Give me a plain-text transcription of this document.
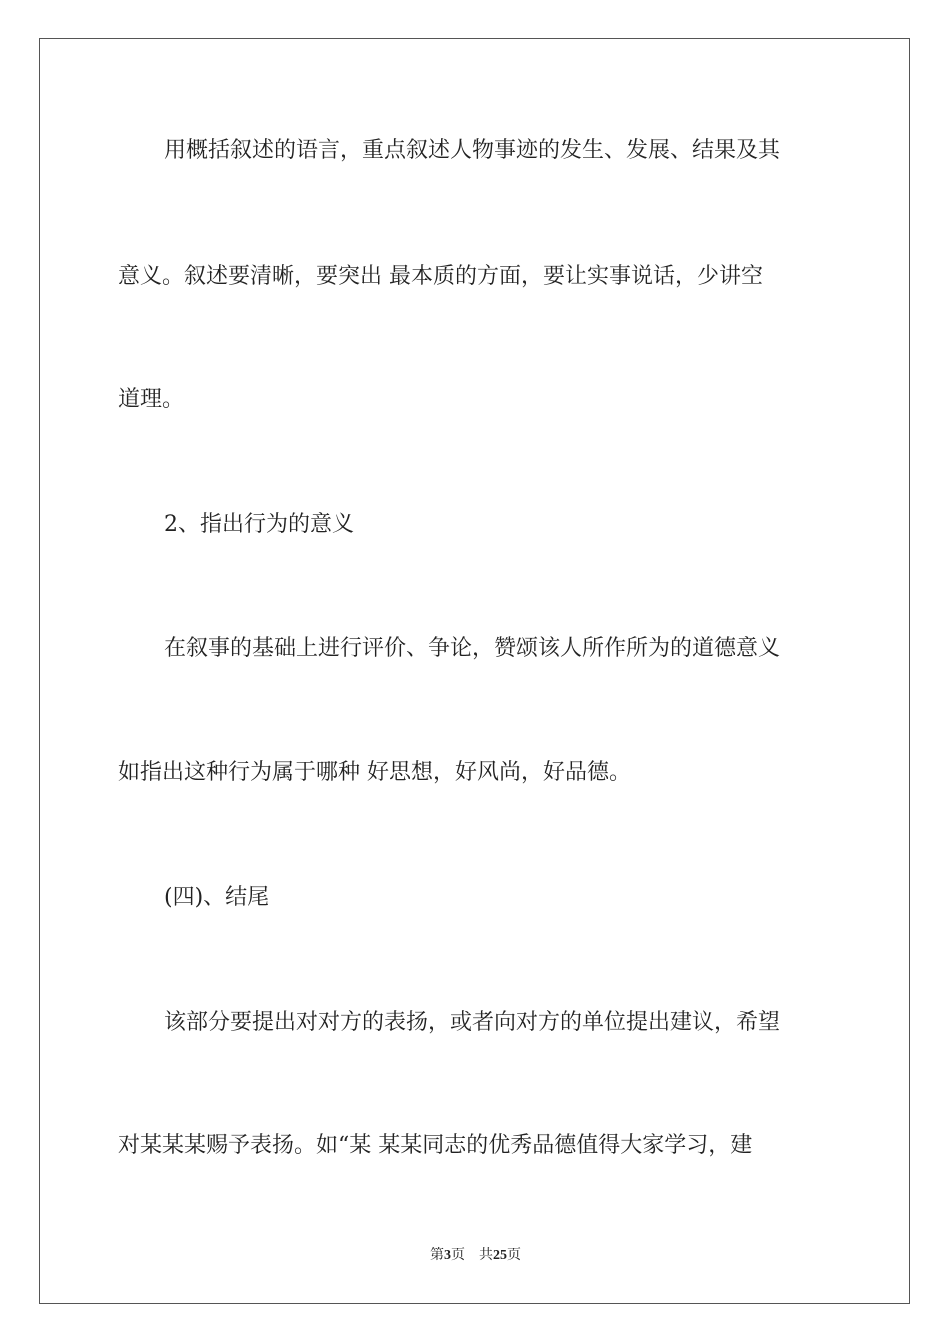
用概括叙述的语言，重点叙述人物事迹的发生、发展、结果及其
意义。叙述要清晰，要突出 最本质的方面，要让实事说话，少讲空
道理。
2、指出行为的意义
在叙事的基础上进行评价、争论，赞颂该人所作所为的道德意义
如指出这种行为属于哪种 好思想，好风尚，好品德。
(四)、结尾
该部分要提出对对方的表扬，或者向对方的单位提出建议，希望
对某某某赐予表扬。如“某 某某同志的优秀品德值得大家学习，建
第3页 共25页
